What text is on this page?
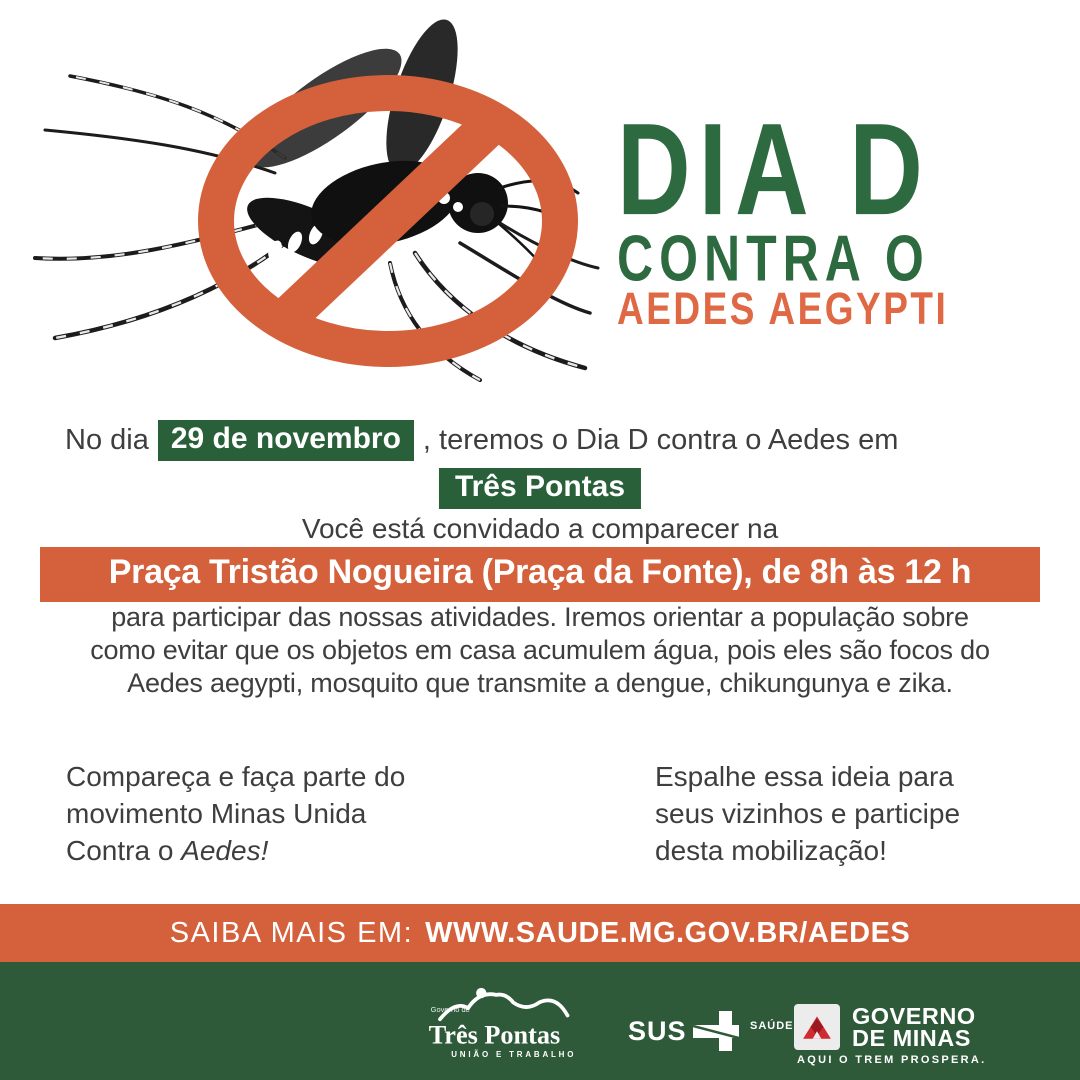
DIA D
CONTRA O
AEDES AEGYPTI
No dia 29 de novembro , teremos o Dia D contra o Aedes em
Três Pontas
Você está convidado a comparecer na
Praça Tristão Nogueira (Praça da Fonte), de 8h às 12 h
para participar das nossas atividades. Iremos orientar a população sobre
como evitar que os objetos em casa acumulem água, pois eles são focos do
Aedes aegypti, mosquito que transmite a dengue, chikungunya e zika.
Compareça e faça parte do
movimento Minas Unida
Contra o Aedes!
Espalhe essa ideia para
seus vizinhos e participe
desta mobilização!
SAIBA MAIS EM: WWW.SAUDE.MG.GOV.BR/AEDES
Governo de
Três Pontas
UNIÃO E TRABALHO
SUS	SAÚDE GOVERNO
DE MINAS
AQUI O TREM PROSPERA.
